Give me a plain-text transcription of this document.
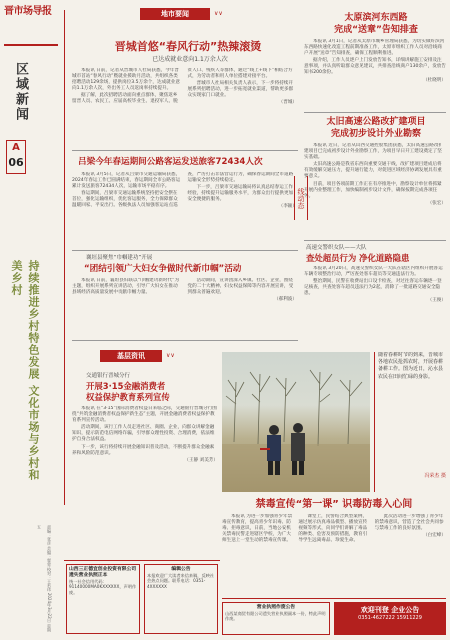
晋市场导报
区域新闻
A
06
持续推进乡村特色发展 文化市场与乡村和美乡村
责编：张彦 美编：翟荣·校对：王若玮 2024年3月22日 星期五
地市要闻	∨∨
晋城首悠“春风行动”热辣滚烫
已达成就业意向1.1万余人次

本报讯 日前，记者从晋城市人社局获悉，今年晋城市首站“春风行动”暨就业援助月活动，共组织各类招聘活动129余场，提供岗位3.5万余个，达成就业意向1.1万余人次，外出务工人员返岗率持续提升。

据了解，此次招聘活动面向重点群体，聚焦返乡留晋人员、农民工、应届高校毕业生、退役军人、脱贫人口、残疾人等群体，通过“线上+线下”相结合方式，为劳动者和用人单位搭建对接平台。

晋城市人社局相关负责人表示，下一步将持续开展系列招聘活动，进一步拓宽就业渠道，帮助更多群众实现家门口就业。

（晋城）

吕梁今年春运期间公路客运发送旅客72434人次

本报讯 3月5日，记者从吕梁市交通运输局获悉，2024年春运工作已圆满结束，春运期间全市公路客运累计发送旅客72434人次，运输市场平稳有序。

春运期间，吕梁市交通运输系统坚持把安全摆在首位，强化运输组织，优化客运服务，全力保障群众温暖回家、平安出行。各级执法人员加强客运站点巡查，严厉打击非法营运行为，确保春运期间全市道路运输安全形势持续稳定。

下一步，吕梁市交通运输局将认真总结春运工作经验，持续提升运输服务水平，为群众出行提供更加安全便捷的服务。

（李颖）

襄垣县聚焦“巾帼建功”开展
“团结引领广大妇女争做时代新巾帼”活动

本报讯 日前，襄垣县妇联以“巾帼建功新时代”为主题，组织开展系列宣讲活动，引导广大妇女在推动县域经济高质量发展中贡献巾帼力量。

活动期间，宣讲团深入乡镇、社区、企业，围绕党的二十大精神、妇女权益保障等内容开展宣讲，受到群众普遍欢迎。

（郝利波）

太原滨河东西路
完成“送章”告知排查

本报讯 3月1日，记者从太原市城乡管理局获悉，为切实做好滨河东西路快速化改造工程前期准备工作，太原市组织工作人员对沿线商户开展“送章”告知排查，确保工程顺利推进。

据介绍，工作人员逐户上门发放告知书，详细讲解施工安排及注意事项，并认真听取群众意见建议，共排查沿线商户130余户，发放告知书200余份。

（杜晓明）

太旧高速公路改扩建项目
完成初步设计外业勘察

本报讯 近日，记者从山西交通控股集团获悉，太旧高速公路改扩建项目已完成初步设计外业勘察工作，为项目早日开工建设奠定了坚实基础。

太旧高速公路是我省东西向重要交通干线，改扩建项目建成后将有效缓解交通压力，提升通行能力，对促进区域经济协调发展具有重要意义。

目前，项目各项前期工作正在有序推进中，勘察设计单位将抓紧开展内业整理工作，加快编制初步设计文件，确保按期完成各项任务。

（张宏）

线动态
高速交警织女队——大队
查处超员行为 净化道路隐患

本报讯 3月20日，高速交警织女队一大队在辖区内组织开展客运车辆专项整治行动，严厉查处客车超员等交通违法行为。

整治期间，民警在收费站出口设卡检查，对过往客运车辆逐一登记核查，共查处客车超员违法行为2起，消除了一批道路交通安全隐患。

（王俊）

基层资讯	∨∨
交通银行晋城分行
开展3·15金融消费者
权益保护教育系列宣传

本报讯 在“3·15”国际消费者权益日来临之际，交通银行晋城分行围绕“共筑金融消费者权益保护新生态”主题，开展金融消费者权益保护教育系列宣传活动。

活动期间，该行工作人员走进社区、商圈、企业，向群众讲解金融知识，提示防范电信网络诈骗，引导群众理性投资、合理消费，依法维护自身合法权益。

下一步，该行将持续开展金融知识普及活动，不断提升群众金融素养和风险防范意识。

（王静 刘美芳）

随着春耕时节的到来，晋城市各地农民抢抓农时，开展春耕备耕工作。图为近日，沁水县农民在田间忙碌的身影。
冯荣杰 摄
禁毒宣传“第一课” 识毒防毒入心间

本报讯 为进一步加强青少年禁毒宣传教育，提高青少年识毒、防毒、拒毒意识，日前，当地公安机关禁毒民警走进辖区学校，为广大师生送上一堂生动的禁毒宣传课。

课堂上，民警结合典型案例，通过展示仿真毒品模型、播放宣传视频等形式，向同学们讲解了毒品的种类、危害及预防措施，教育引导学生远离毒品、珍爱生命。

此次活动进一步增强了青少年的禁毒意识，营造了全社会共同参与禁毒工作的良好氛围。

（白宏峰）

山西三正德宜创业投资有限公司遗失营业执照正本
统一社会信用代码：91140000MA0KXXXXXX，声明作废。
编辑公告
本报欢迎广大读者来信来稿，反映社会热点问题。联系电话：0351-4XXXXXX
营业执照作废公告
山西某商贸有限公司遗失营业执照副本一份，特此声明作废。
欢迎刊登 企业公告
0351-4627222 15911229
